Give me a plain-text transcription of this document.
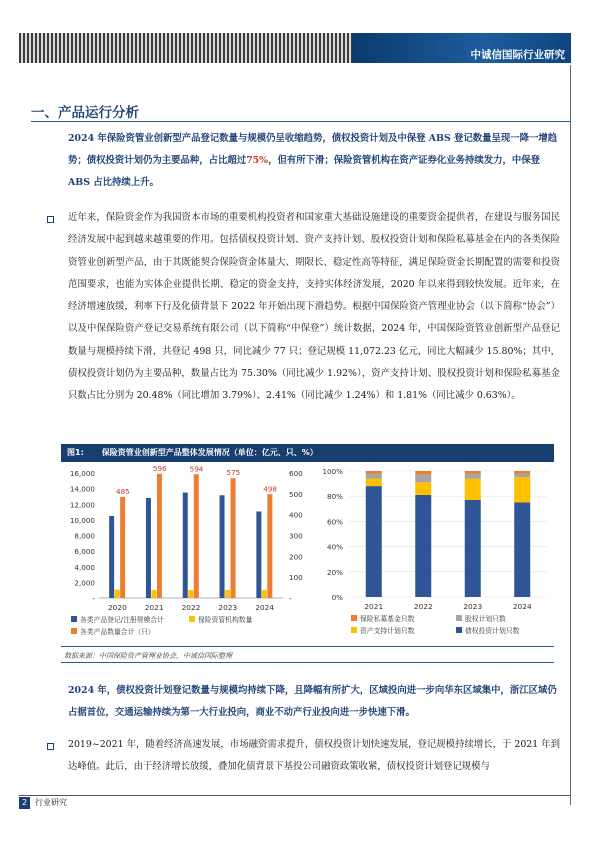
中诚信国际行业研究
一、产品运行分析
2024 年保险资管业创新型产品登记数量与规模仍呈收缩趋势，债权投资计划及中保登 ABS 登记数量呈现一降一增趋势；债权投资计划仍为主要品种，占比超过75%，但有所下滑；保险资管机构在资产证券化业务持续发力，中保登 ABS 占比持续上升。
近年来，保险资金作为我国资本市场的重要机构投资者和国家重大基础设施建设的重要资金提供者，在建设与服务国民经济发展中起到越来越重要的作用。包括债权投资计划、资产支持计划、股权投资计划和保险私募基金在内的各类保险资管业创新型产品，由于其既能契合保险资金体量大、期限长、稳定性高等特征，满足保险资金长期配置的需要和投资范围要求，也能为实体企业提供长期、稳定的资金支持，支持实体经济发展，2020 年以来得到较快发展。近年来，在经济增速放缓，利率下行及化债背景下 2022 年开始出现下滑趋势。根据中国保险资产管理业协会（以下简称“协会”）以及中保保险资产登记交易系统有限公司（以下简称“中保登”）统计数据，2024 年，中国保险资管业创新型产品登记数量与规模持续下滑，共登记 498 只，同比减少 77 只；登记规模 11,072.23 亿元，同比大幅减少 15.80%；其中，债权投资计划仍为主要品种，数量占比为 75.30%（同比减少 1.92%），资产支持计划、股权投资计划和保险私募基金只数占比分别为 20.48%（同比增加 3.79%）、2.41%（同比减少 1.24%）和 1.81%（同比减少 0.63%）。
图1: 保险资管业创新型产品整体发展情况（单位：亿元、只、%）
-
2,000
4,000
6,000
8,000
10,000
12,000
14,000
16,000
-
100
200
300
400
500
600
485
2020
596
2021
594
2022
575
2023
498
2024
各类产品登记/注册规模合计	保险资管机构数量
各类产品数量合计（只）
0%
20%
40%
60%
80%
100%
2021	2022	2023	2024
保险私募基金只数	股权计划只数
资产支持计划只数	债权投资计划只数
数据来源：中国保险资产管理业协会，中诚信国际整理
2024 年，债权投资计划登记数量与规模均持续下降，且降幅有所扩大，区域投向进一步向华东区域集中，浙江区域仍占据首位，交通运输持续为第一大行业投向，商业不动产行业投向进一步快速下滑。
2019~2021 年，随着经济高速发展，市场融资需求提升，债权投资计划快速发展，登记规模持续增长，于 2021 年到达峰值。此后，由于经济增长放缓，叠加化债背景下基投公司融资政策收紧，债权投资计划登记规模与
2 行业研究
